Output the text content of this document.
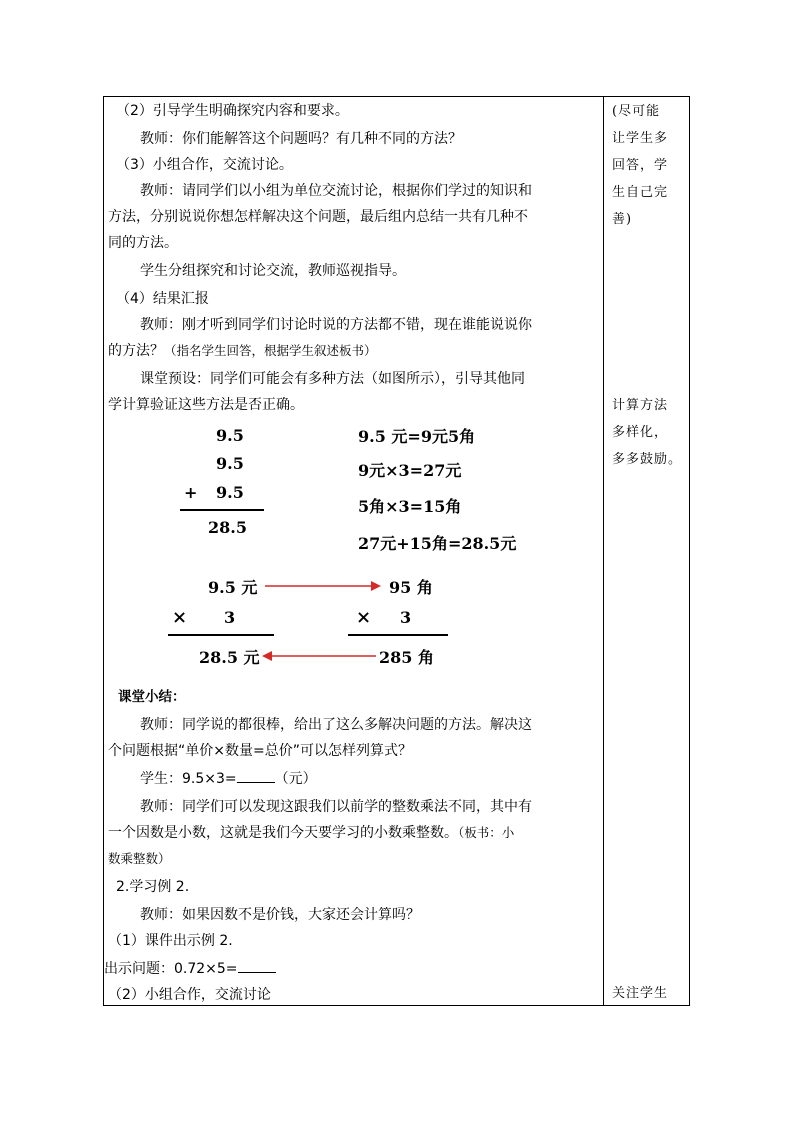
（2）引导学生明确探究内容和要求。
教师：你们能解答这个问题吗？有几种不同的方法？
（3）小组合作，交流讨论。
教师：请同学们以小组为单位交流讨论，根据你们学过的知识和
方法，分别说说你想怎样解决这个问题，最后组内总结一共有几种不
同的方法。
学生分组探究和讨论交流，教师巡视指导。
（4）结果汇报
教师：刚才听到同学们讨论时说的方法都不错，现在谁能说说你
的方法？（指名学生回答，根据学生叙述板书）
课堂预设：同学们可能会有多种方法（如图所示），引导其他同
学计算验证这些方法是否正确。
9.5
9.5
+ 9.5
28.5
9.5 元=9元5角
9元×3=27元
5角×3=15角
27元+15角=28.5元
9.5 元	95 角
× 3	× 3
28.5 元	285 角
课堂小结：
教师：同学说的都很棒，给出了这么多解决问题的方法。解决这
个问题根据“单价×数量=总价”可以怎样列算式？
学生：9.5×3=	（元）
教师：同学们可以发现这跟我们以前学的整数乘法不同，其中有
一个因数是小数，这就是我们今天要学习的小数乘整数。（板书：小
数乘整数）
2.学习例 2.
教师：如果因数不是价钱，大家还会计算吗？
（1）课件出示例 2.
出示问题：0.72×5=
（2）小组合作，交流讨论
(尽可能
让学生多
回答，学
生自己完
善)
计算方法
多样化，
多多鼓励。
关注学生
